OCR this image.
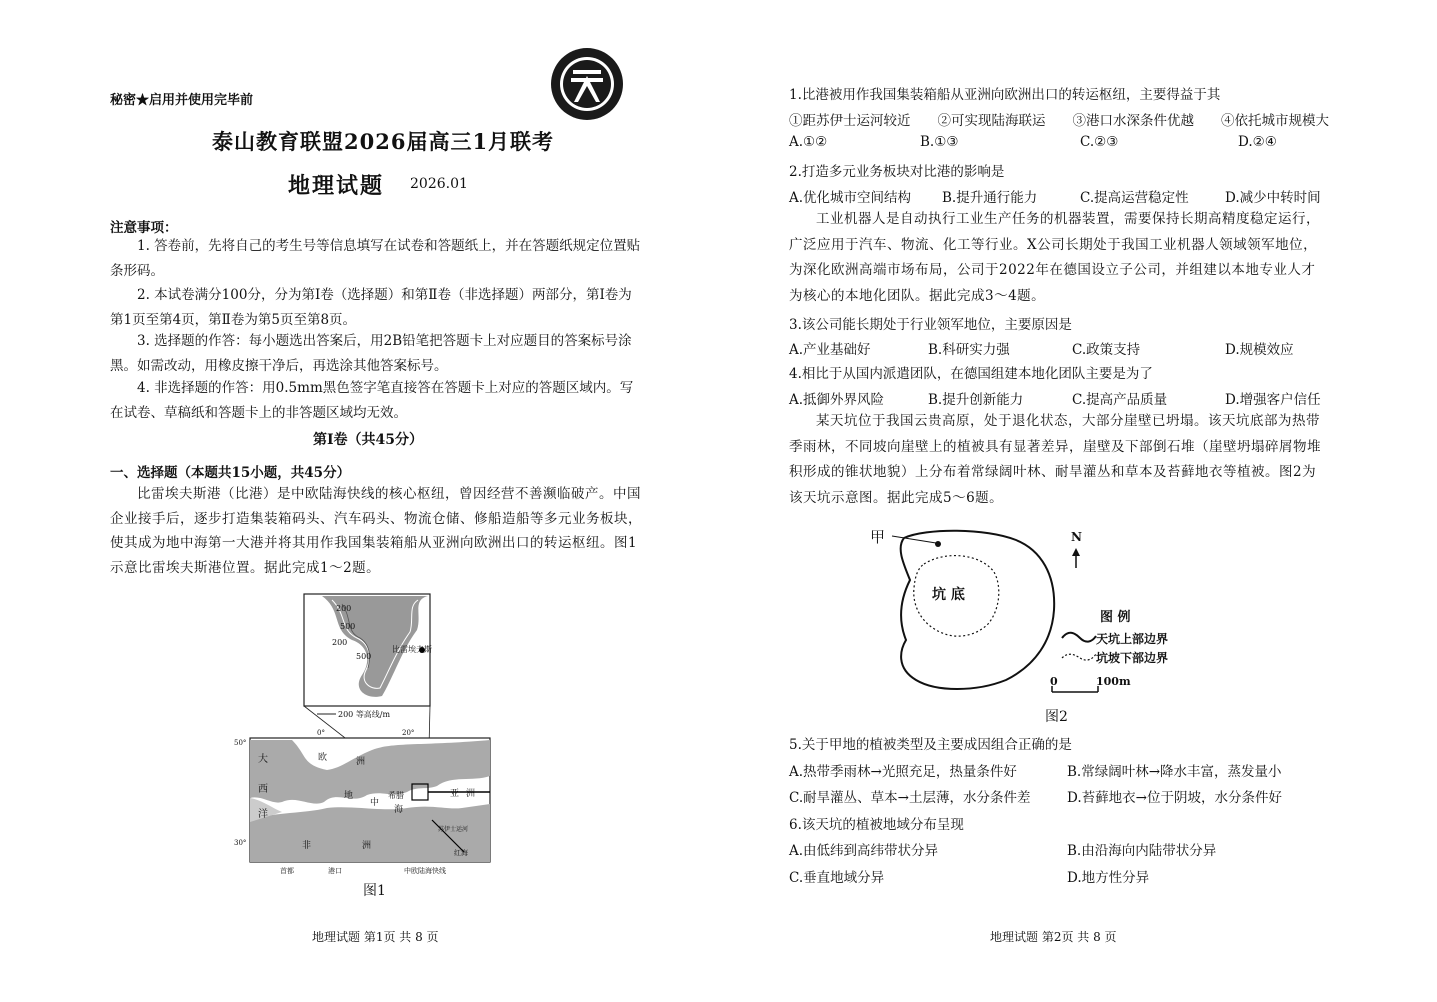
秘密★启用并使用完毕前
泰山教育联盟2026届高三1月联考
地理试题 2026.01
注意事项：
1. 答卷前，先将自己的考生号等信息填写在试卷和答题纸上，并在答题纸规定位置贴条形码。
2. 本试卷满分100分，分为第Ⅰ卷（选择题）和第Ⅱ卷（非选择题）两部分，第Ⅰ卷为第1页至第4页，第Ⅱ卷为第5页至第8页。
3. 选择题的作答：每小题选出答案后，用2B铅笔把答题卡上对应题目的答案标号涂黑。如需改动，用橡皮擦干净后，再选涂其他答案标号。
4. 非选择题的作答：用0.5mm黑色签字笔直接答在答题卡上对应的答题区域内。写在试卷、草稿纸和答题卡上的非答题区域均无效。
第Ⅰ卷（共45分）
一、选择题（本题共15小题，共45分）
比雷埃夫斯港（比港）是中欧陆海快线的核心枢纽，曾因经营不善濒临破产。中国企业接手后，逐步打造集装箱码头、汽车码头、物流仓储、修船造船等多元业务板块，使其成为地中海第一大港并将其用作我国集装箱船从亚洲向欧洲出口的转运枢纽。图1示意比雷埃夫斯港位置。据此完成1～2题。
200
500
500
200
比雷埃夫斯
200 等高线/m
50°
30°
0°	20°
大	欧	洲
西
洋
地
中
海
亚 洲
非	洲
希腊
苏伊士运河
红海
首都	港口	中欧陆海快线
图1
地理试题 第1页 共 8 页
1.比港被用作我国集装箱船从亚洲向欧洲出口的转运枢纽，主要得益于其
①距苏伊士运河较近 ②可实现陆海联运 ③港口水深条件优越 ④依托城市规模大
A.①②	B.①③	C.②③	D.②④
2.打造多元业务板块对比港的影响是
A.优化城市空间结构 B.提升通行能力	C.提高运营稳定性	D.减少中转时间
工业机器人是自动执行工业生产任务的机器装置，需要保持长期高精度稳定运行，广泛应用于汽车、物流、化工等行业。X公司长期处于我国工业机器人领域领军地位，为深化欧洲高端市场布局，公司于2022年在德国设立子公司，并组建以本地专业人才为核心的本地化团队。据此完成3～4题。
3.该公司能长期处于行业领军地位，主要原因是
A.产业基础好	B.科研实力强	C.政策支持	D.规模效应
4.相比于从国内派遣团队，在德国组建本地化团队主要是为了
A.抵御外界风险	B.提升创新能力	C.提高产品质量	D.增强客户信任
某天坑位于我国云贵高原，处于退化状态，大部分崖壁已坍塌。该天坑底部为热带季雨林，不同坡向崖壁上的植被具有显著差异，崖壁及下部倒石堆（崖壁坍塌碎屑物堆积形成的锥状地貌）上分布着常绿阔叶林、耐旱灌丛和草本及苔藓地衣等植被。图2为该天坑示意图。据此完成5～6题。
甲
坑 底
N
图 例
天坑上部边界
坑坡下部边界
0	100m
图2
5.关于甲地的植被类型及主要成因组合正确的是
A.热带季雨林→光照充足，热量条件好	B.常绿阔叶林→降水丰富，蒸发量小
C.耐旱灌丛、草本→土层薄，水分条件差	D.苔藓地衣→位于阴坡，水分条件好
6.该天坑的植被地域分布呈现
A.由低纬到高纬带状分异	B.由沿海向内陆带状分异
C.垂直地域分异	D.地方性分异
地理试题 第2页 共 8 页
